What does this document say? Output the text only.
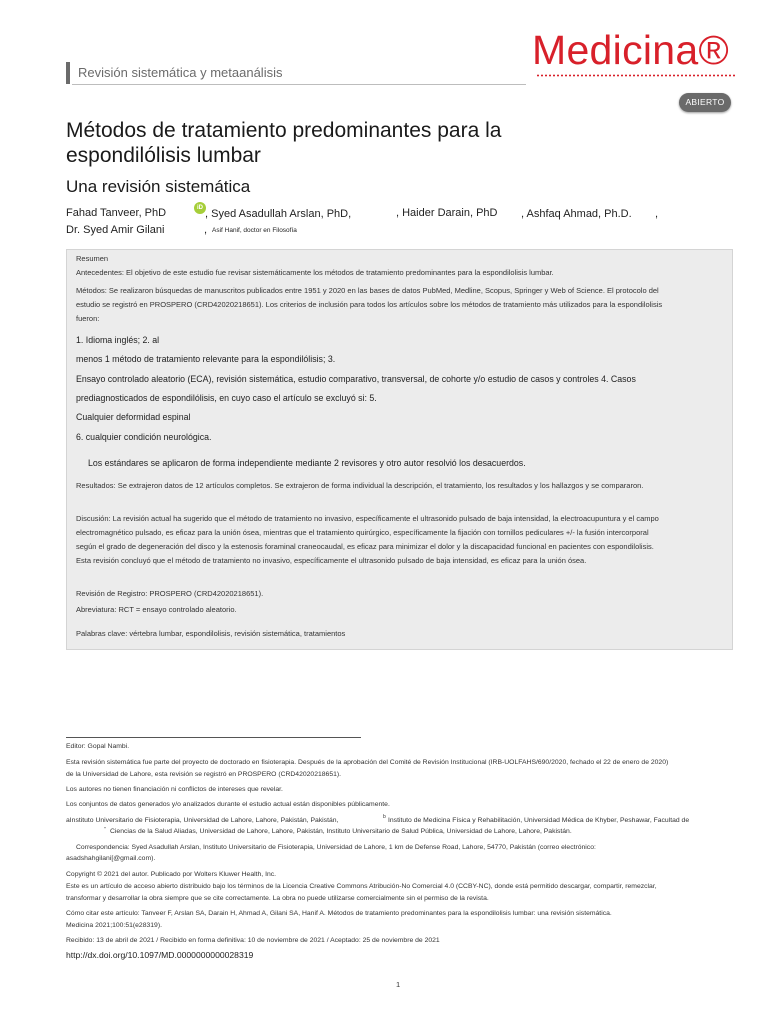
Revisión sistemática y metaanálisis	Medicina®
ABIERTO
Métodos de tratamiento predominantes para la
espondilólisis lumbar
Una revisión sistemática
Fahad Tanveer, PhD	iD , Syed Asadullah Arslan, PhD,	, Haider Darain, PhD , Ashfaq Ahmad, Ph.D. ,
Dr. Syed Amir Gilani	, Asif Hanif, doctor en Filosofía
Resumen
Antecedentes: El objetivo de este estudio fue revisar sistemáticamente los métodos de tratamiento predominantes para la espondilolisis lumbar.
Métodos: Se realizaron búsquedas de manuscritos publicados entre 1951 y 2020 en las bases de datos PubMed, Medline, Scopus, Springer y Web of Science. El protocolo del
estudio se registró en PROSPERO (CRD42020218651). Los criterios de inclusión para todos los artículos sobre los métodos de tratamiento más utilizados para la espondilolisis
fueron:
1. Idioma inglés; 2. al
menos 1 método de tratamiento relevante para la espondilólisis; 3.
Ensayo controlado aleatorio (ECA), revisión sistemática, estudio comparativo, transversal, de cohorte y/o estudio de casos y controles 4. Casos
prediagnosticados de espondilólisis, en cuyo caso el artículo se excluyó si: 5.
Cualquier deformidad espinal
6. cualquier condición neurológica.
Los estándares se aplicaron de forma independiente mediante 2 revisores y otro autor resolvió los desacuerdos.
Resultados: Se extrajeron datos de 12 artículos completos. Se extrajeron de forma individual la descripción, el tratamiento, los resultados y los hallazgos y se compararon.
Discusión: La revisión actual ha sugerido que el método de tratamiento no invasivo, específicamente el ultrasonido pulsado de baja intensidad, la electroacupuntura y el campo
electromagnético pulsado, es eficaz para la unión ósea, mientras que el tratamiento quirúrgico, específicamente la fijación con tornillos pediculares +/- la fusión intercorporal
según el grado de degeneración del disco y la estenosis foraminal craneocaudal, es eficaz para minimizar el dolor y la discapacidad funcional en pacientes con espondilolisis.
Esta revisión concluyó que el método de tratamiento no invasivo, específicamente el ultrasonido pulsado de baja intensidad, es eficaz para la unión ósea.
Revisión de Registro: PROSPERO (CRD42020218651).
Abreviatura: RCT = ensayo controlado aleatorio.
Palabras clave: vértebra lumbar, espondilolisis, revisión sistemática, tratamientos
Editor: Gopal Nambi.
Esta revisión sistemática fue parte del proyecto de doctorado en fisioterapia. Después de la aprobación del Comité de Revisión Institucional (IRB-UOLFAHS/690/2020, fechado el 22 de enero de 2020)
de la Universidad de Lahore, esta revisión se registró en PROSPERO (CRD42020218651).
Los autores no tienen financiación ni conflictos de intereses que revelar.
Los conjuntos de datos generados y/o analizados durante el estudio actual están disponibles públicamente.
aInstituto Universitario de Fisioterapia, Universidad de Lahore, Lahore, Pakistán, Pakistán,	b Instituto de Medicina Física y Rehabilitación, Universidad Médica de Khyber, Peshawar, Facultad de
" Ciencias de la Salud Aliadas, Universidad de Lahore, Lahore, Pakistán, Instituto Universitario de Salud Pública, Universidad de Lahore, Lahore, Pakistán.
Correspondencia: Syed Asadullah Arslan, Instituto Universitario de Fisioterapia, Universidad de Lahore, 1 km de Defense Road, Lahore, 54770, Pakistán (correo electrónico:
asadshahgilani[@gmail.com).
Copyright © 2021 del autor. Publicado por Wolters Kluwer Health, Inc.
Este es un artículo de acceso abierto distribuido bajo los términos de la Licencia Creative Commons Atribución-No Comercial 4.0 (CCBY-NC), donde está permitido descargar, compartir, remezclar,
transformar y desarrollar la obra siempre que se cite correctamente. La obra no puede utilizarse comercialmente sin el permiso de la revista.
Cómo citar este artículo: Tanveer F, Arslan SA, Darain H, Ahmad A, Gilani SA, Hanif A. Métodos de tratamiento predominantes para la espondilolisis lumbar: una revisión sistemática.
Medicina 2021;100:51(e28319).
Recibido: 13 de abril de 2021 / Recibido en forma definitiva: 10 de noviembre de 2021 / Aceptado: 25 de noviembre de 2021
http://dx.doi.org/10.1097/MD.0000000000028319
1
